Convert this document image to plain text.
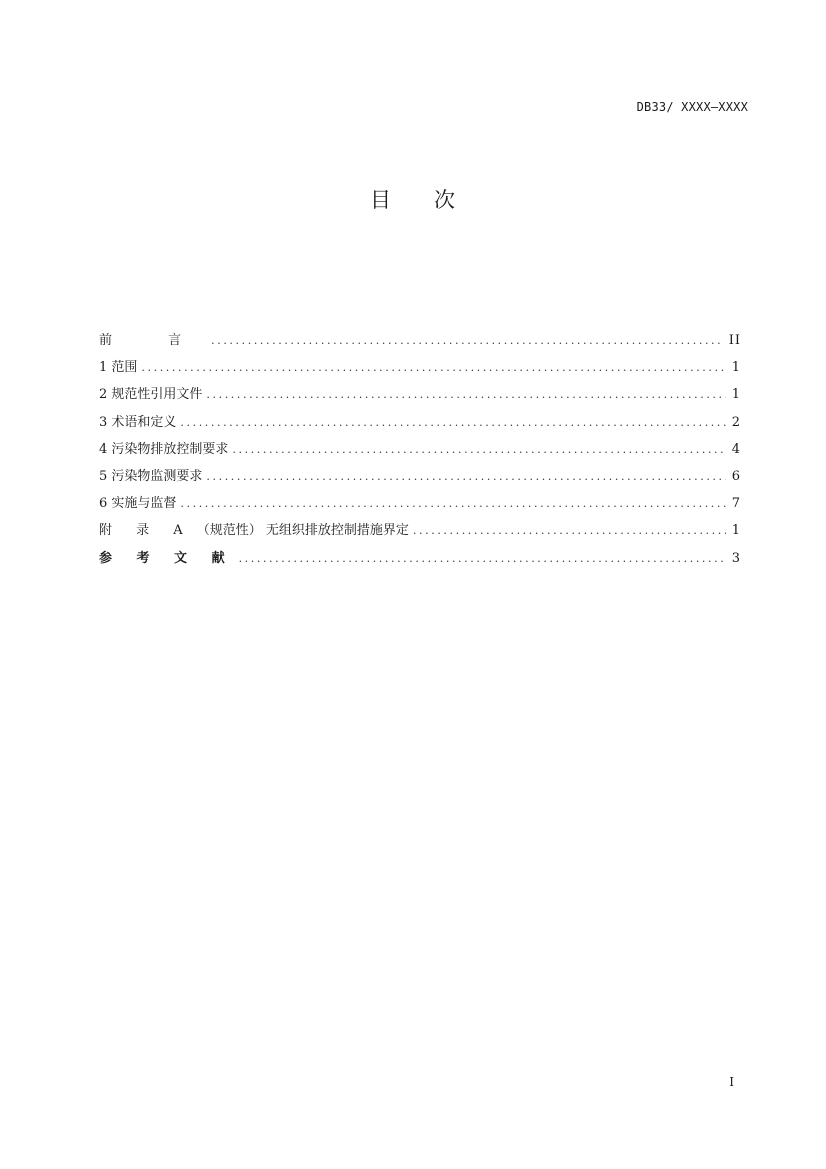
DB33/ XXXX—XXXX
目 次
前 言 .....	II
1 范围 .....	1
2 规范性引用文件 .....	1
3 术语和定义 .....	2
4 污染物排放控制要求 .....	4
5 污染物监测要求 .....	6
6 实施与监督 .....	7
附 录 A （规范性） 无组织排放控制措施界定 .....	1
参 考 文 献 .....	3
I
